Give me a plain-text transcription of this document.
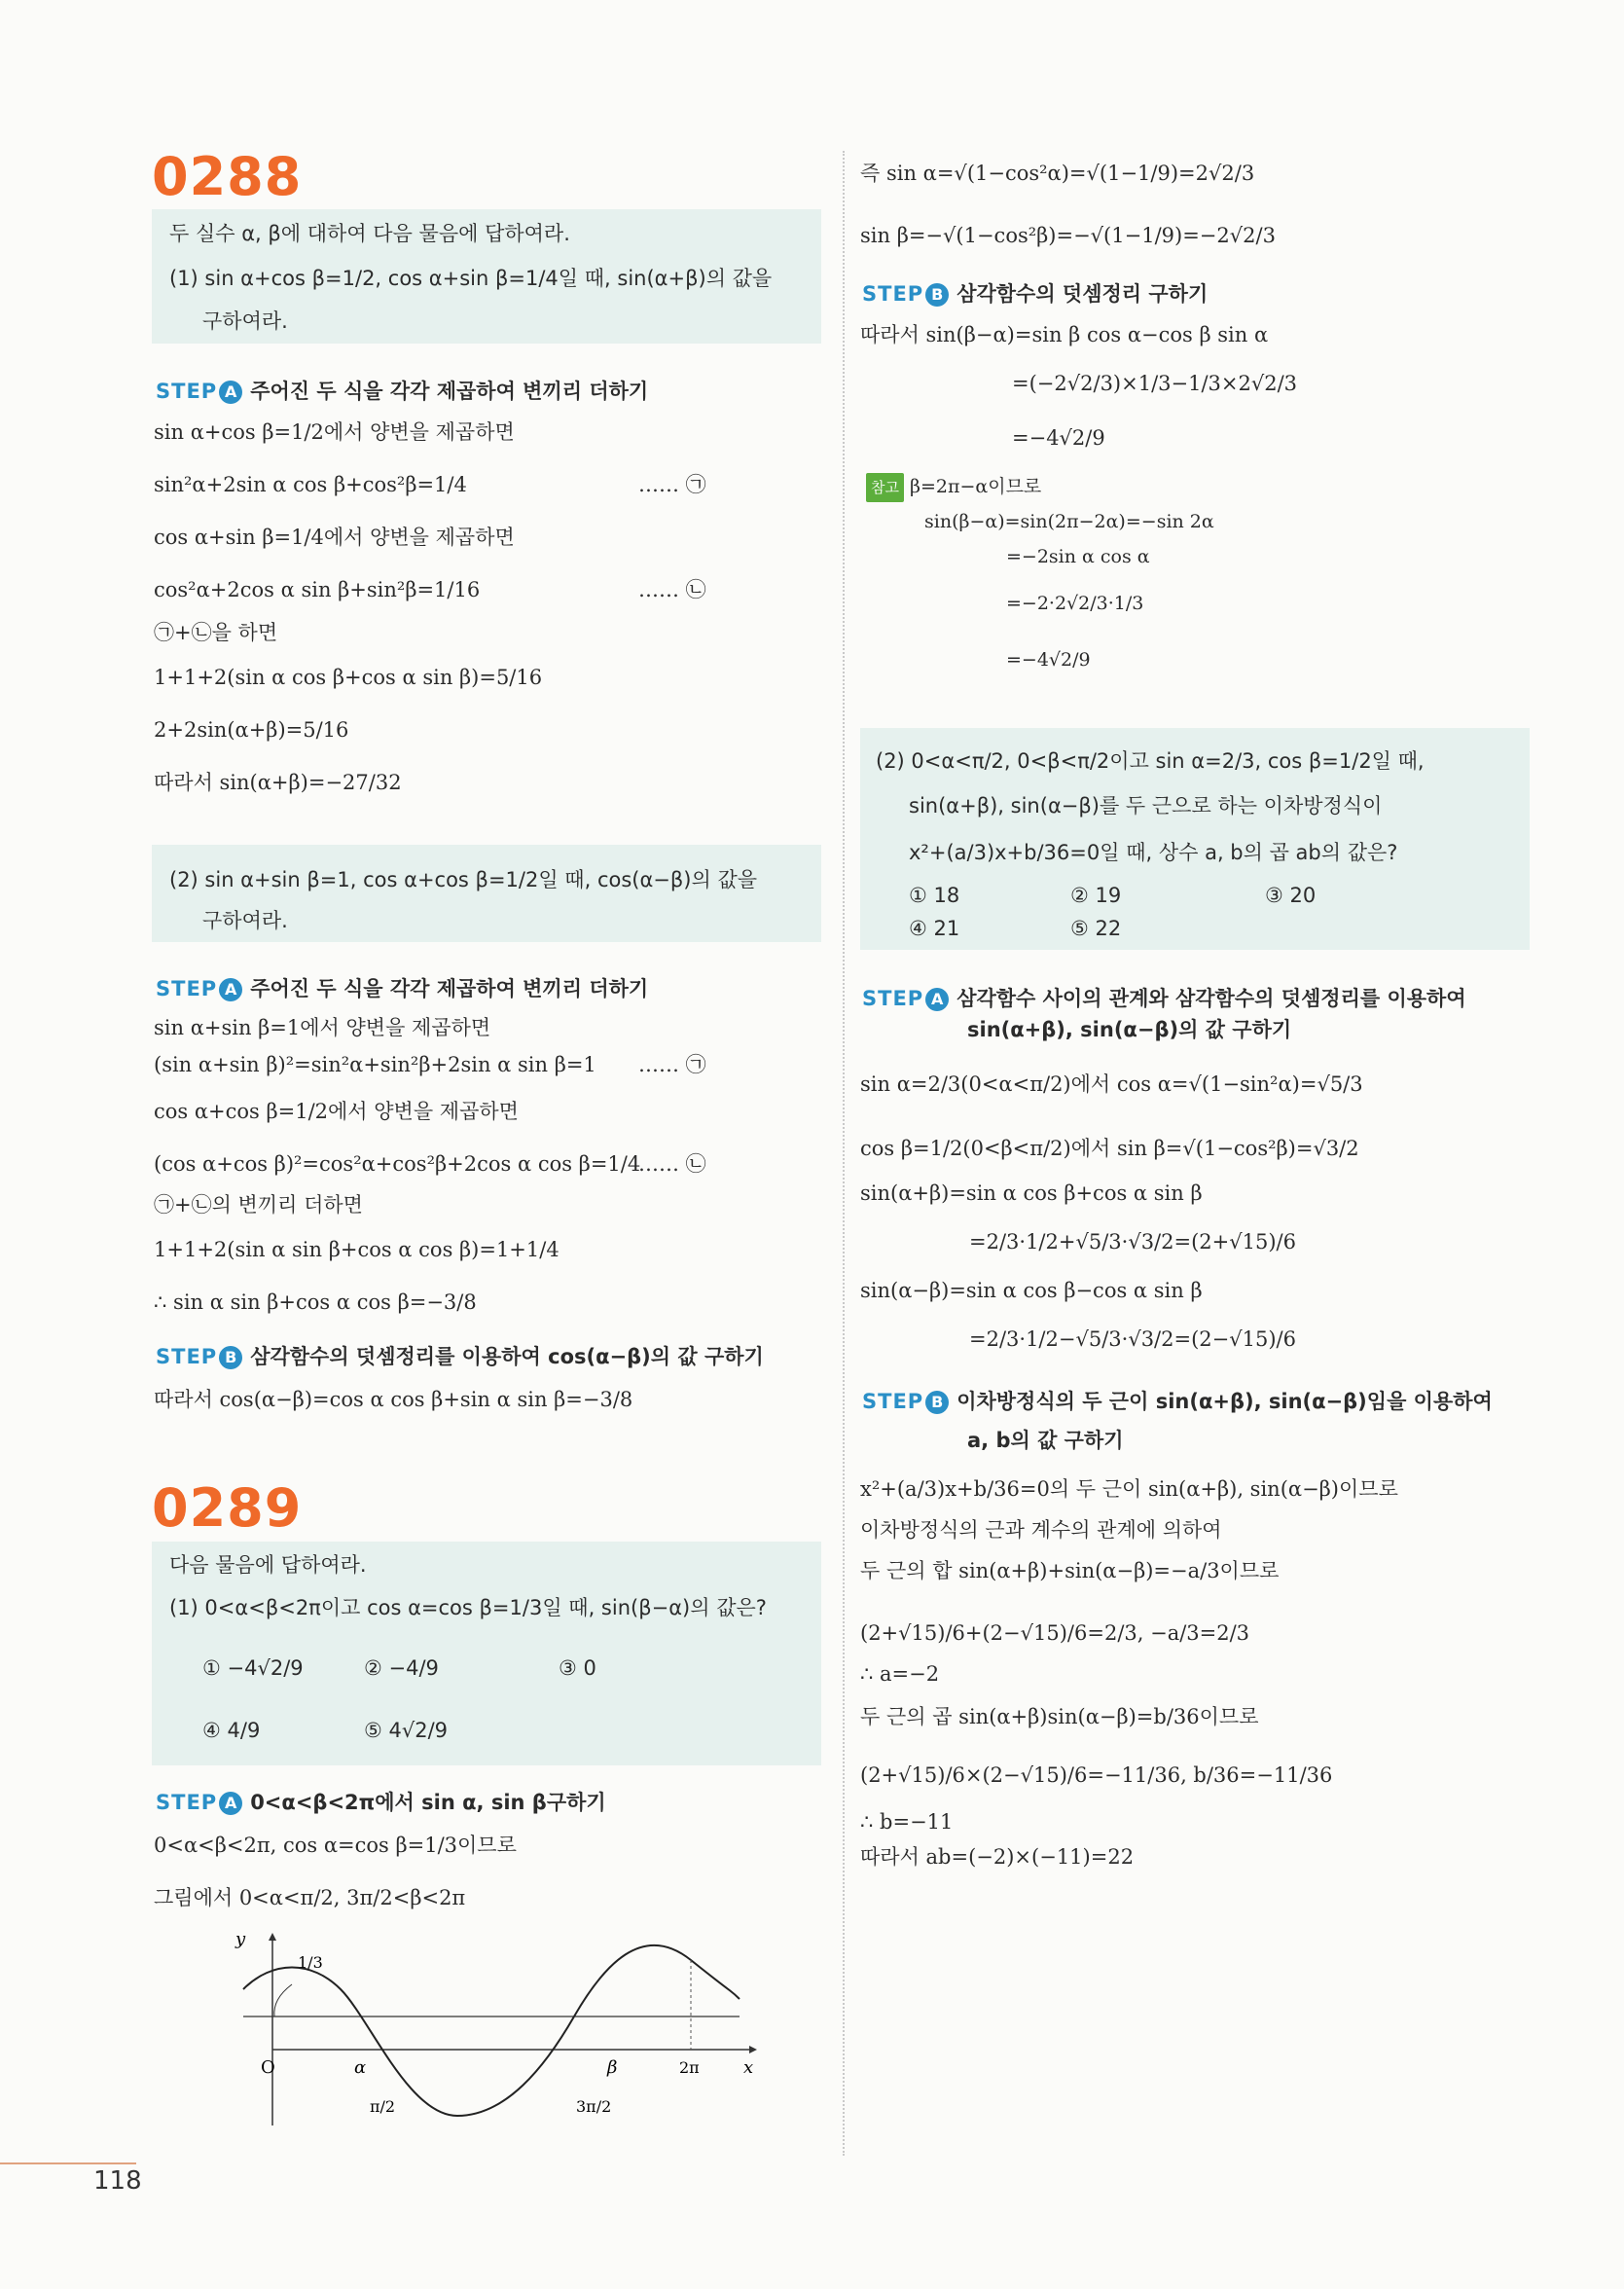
0288
두 실수 α, β에 대하여 다음 물음에 답하여라.
(1) sin α+cos β=1/2, cos α+sin β=1/4일 때, sin(α+β)의 값을
구하여라.
STEP A 주어진 두 식을 각각 제곱하여 변끼리 더하기
sin α+cos β=1/2에서 양변을 제곱하면
sin²α+2sin α cos β+cos²β=1/4	…… ㉠
cos α+sin β=1/4에서 양변을 제곱하면
cos²α+2cos α sin β+sin²β=1/16	…… ㉡
㉠+㉡을 하면
1+1+2(sin α cos β+cos α sin β)=5/16
2+2sin(α+β)=5/16
따라서 sin(α+β)=−27/32
(2) sin α+sin β=1, cos α+cos β=1/2일 때, cos(α−β)의 값을
구하여라.
STEP A 주어진 두 식을 각각 제곱하여 변끼리 더하기
sin α+sin β=1에서 양변을 제곱하면
(sin α+sin β)²=sin²α+sin²β+2sin α sin β=1 …… ㉠
cos α+cos β=1/2에서 양변을 제곱하면
(cos α+cos β)²=cos²α+cos²β+2cos α cos β=1/4
…… ㉡
㉠+㉡의 변끼리 더하면
1+1+2(sin α sin β+cos α cos β)=1+1/4
∴ sin α sin β+cos α cos β=−3/8
STEP B 삼각함수의 덧셈정리를 이용하여 cos(α−β)의 값 구하기
따라서 cos(α−β)=cos α cos β+sin α sin β=−3/8
0289
다음 물음에 답하여라.
(1) 0<α<β<2π이고 cos α=cos β=1/3일 때, sin(β−α)의 값은?
① −4√2/9	② −4/9	③ 0
④ 4/9	⑤ 4√2/9
STEP A 0<α<β<2π에서 sin α, sin β구하기
0<α<β<2π, cos α=cos β=1/3이므로
그림에서 0<α<π/2, 3π/2<β<2π
y
x
O	α	β
1/3
π/2	3π/2
2π
즉 sin α=√(1−cos²α)=√(1−1/9)=2√2/3
sin β=−√(1−cos²β)=−√(1−1/9)=−2√2/3
STEP B 삼각함수의 덧셈정리 구하기
따라서 sin(β−α)=sin β cos α−cos β sin α
=(−2√2/3)×1/3−1/3×2√2/3
=−4√2/9
참고 β=2π−α이므로
sin(β−α)=sin(2π−2α)=−sin 2α
=−2sin α cos α
=−2·2√2/3·1/3
=−4√2/9
(2) 0<α<π/2, 0<β<π/2이고 sin α=2/3, cos β=1/2일 때,
sin(α+β), sin(α−β)를 두 근으로 하는 이차방정식이
x²+(a/3)x+b/36=0일 때, 상수 a, b의 곱 ab의 값은?
① 18	② 19	③ 20
④ 21	⑤ 22
STEP A 삼각함수 사이의 관계와 삼각함수의 덧셈정리를 이용하여
sin(α+β), sin(α−β)의 값 구하기
sin α=2/3(0<α<π/2)에서 cos α=√(1−sin²α)=√5/3
cos β=1/2(0<β<π/2)에서 sin β=√(1−cos²β)=√3/2
sin(α+β)=sin α cos β+cos α sin β
=2/3·1/2+√5/3·√3/2=(2+√15)/6
sin(α−β)=sin α cos β−cos α sin β
=2/3·1/2−√5/3·√3/2=(2−√15)/6
STEP B 이차방정식의 두 근이 sin(α+β), sin(α−β)임을 이용하여
a, b의 값 구하기
x²+(a/3)x+b/36=0의 두 근이 sin(α+β), sin(α−β)이므로
이차방정식의 근과 계수의 관계에 의하여
두 근의 합 sin(α+β)+sin(α−β)=−a/3이므로
(2+√15)/6+(2−√15)/6=2/3, −a/3=2/3
∴ a=−2
두 근의 곱 sin(α+β)sin(α−β)=b/36이므로
(2+√15)/6×(2−√15)/6=−11/36, b/36=−11/36
∴ b=−11
따라서 ab=(−2)×(−11)=22
118
